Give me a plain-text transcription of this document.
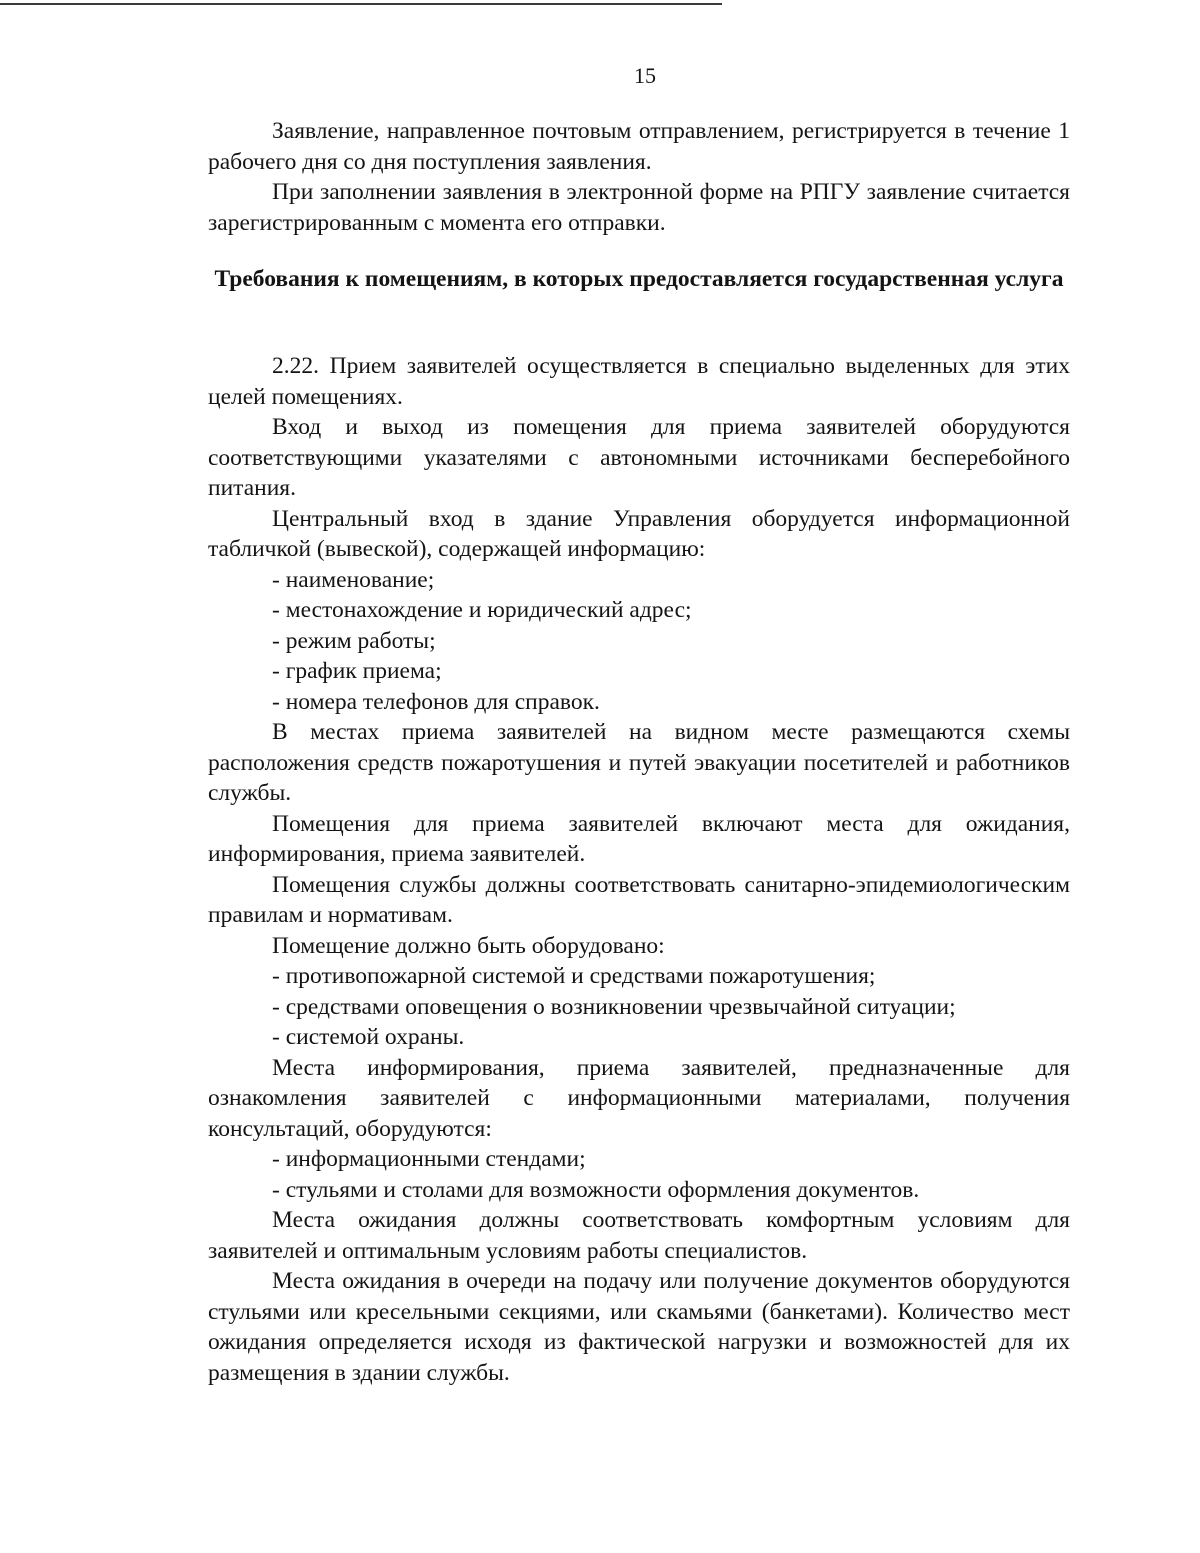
15

Заявление, направленное почтовым отправлением, регистрируется в течение 1 рабочего дня со дня поступления заявления.

При заполнении заявления в электронной форме на РПГУ заявление считается зарегистрированным с момента его отправки.

Требования к помещениям, в которых предоставляется государственная услуга

2.22. Прием заявителей осуществляется в специально выделенных для этих целей помещениях.

Вход и выход из помещения для приема заявителей оборудуются соответствующими указателями с автономными источниками бесперебойного питания.

Центральный вход в здание Управления оборудуется информационной табличкой (вывеской), содержащей информацию:

- наименование;

- местонахождение и юридический адрес;

- режим работы;

- график приема;

- номера телефонов для справок.

В местах приема заявителей на видном месте размещаются схемы расположения средств пожаротушения и путей эвакуации посетителей и работников службы.

Помещения для приема заявителей включают места для ожидания, информирования, приема заявителей.

Помещения службы должны соответствовать санитарно-эпидемиологическим правилам и нормативам.

Помещение должно быть оборудовано:

- противопожарной системой и средствами пожаротушения;

- средствами оповещения о возникновении чрезвычайной ситуации;

- системой охраны.

Места информирования, приема заявителей, предназначенные для ознакомления заявителей с информационными материалами, получения консультаций, оборудуются:

- информационными стендами;

- стульями и столами для возможности оформления документов.

Места ожидания должны соответствовать комфортным условиям для заявителей и оптимальным условиям работы специалистов.

Места ожидания в очереди на подачу или получение документов оборудуются стульями или кресельными секциями, или скамьями (банкетами). Количество мест ожидания определяется исходя из фактической нагрузки и возможностей для их размещения в здании службы.
